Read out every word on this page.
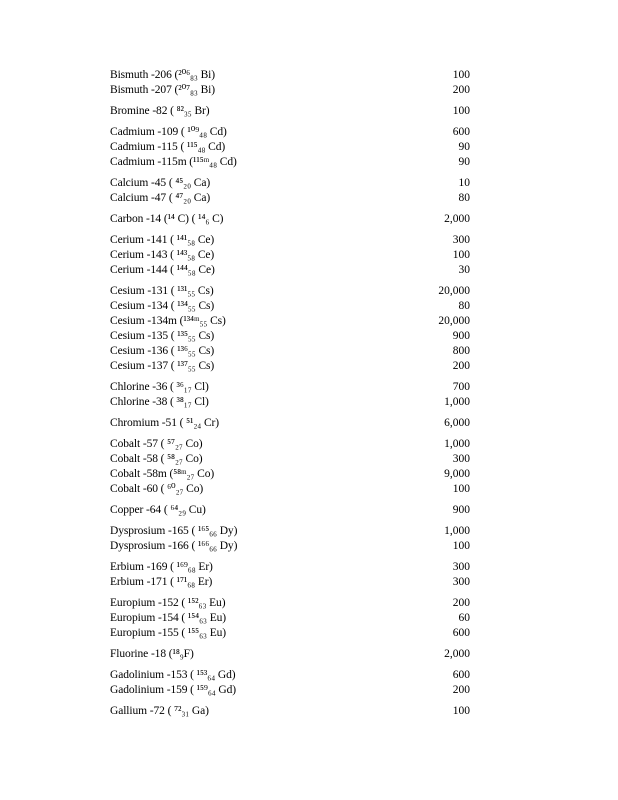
Bismuth -206 (²⁰⁶₈₃ Bi)	100
Bismuth -207 (²⁰⁷₈₃ Bi)	200
Bromine -82 ( ⁸²₃₅ Br)	100
Cadmium -109 ( ¹⁰⁹₄₈ Cd)	600
Cadmium -115 ( ¹¹⁵₄₈ Cd)	90
Cadmium -115m (¹¹⁵ᵐ₄₈ Cd)	90
Calcium -45 ( ⁴⁵₂₀ Ca)	10
Calcium -47 ( ⁴⁷₂₀ Ca)	80
Carbon -14 (¹⁴ C) ( ¹⁴₆ C)	2,000
Cerium -141 ( ¹⁴¹₅₈ Ce)	300
Cerium -143 ( ¹⁴³₅₈ Ce)	100
Cerium -144 ( ¹⁴⁴₅₈ Ce)	30
Cesium -131 ( ¹³¹₅₅ Cs)	20,000
Cesium -134 ( ¹³⁴₅₅ Cs)	80
Cesium -134m (¹³⁴ᵐ₅₅ Cs)	20,000
Cesium -135 ( ¹³⁵₅₅ Cs)	900
Cesium -136 ( ¹³⁶₅₅ Cs)	800
Cesium -137 ( ¹³⁷₅₅ Cs)	200
Chlorine -36 ( ³⁶₁₇ Cl)	700
Chlorine -38 ( ³⁸₁₇ Cl)	1,000
Chromium -51 ( ⁵¹₂₄ Cr)	6,000
Cobalt -57 ( ⁵⁷₂₇ Co)	1,000
Cobalt -58 ( ⁵⁸₂₇ Co)	300
Cobalt -58m (⁵⁸ᵐ₂₇ Co)	9,000
Cobalt -60 ( ⁶⁰₂₇ Co)	100
Copper -64 ( ⁶⁴₂₉ Cu)	900
Dysprosium -165 ( ¹⁶⁵₆₆ Dy)	1,000
Dysprosium -166 ( ¹⁶⁶₆₆ Dy)	100
Erbium -169 ( ¹⁶⁹₆₈ Er)	300
Erbium -171 ( ¹⁷¹₆₈ Er)	300
Europium -152 ( ¹⁵²₆₃ Eu)	200
Europium -154 ( ¹⁵⁴₆₃ Eu)	60
Europium -155 ( ¹⁵⁵₆₃ Eu)	600
Fluorine -18 (¹⁸₉F)	2,000
Gadolinium -153 ( ¹⁵³₆₄ Gd)	600
Gadolinium -159 ( ¹⁵⁹₆₄ Gd)	200
Gallium -72 ( ⁷²₃₁ Ga)	100
